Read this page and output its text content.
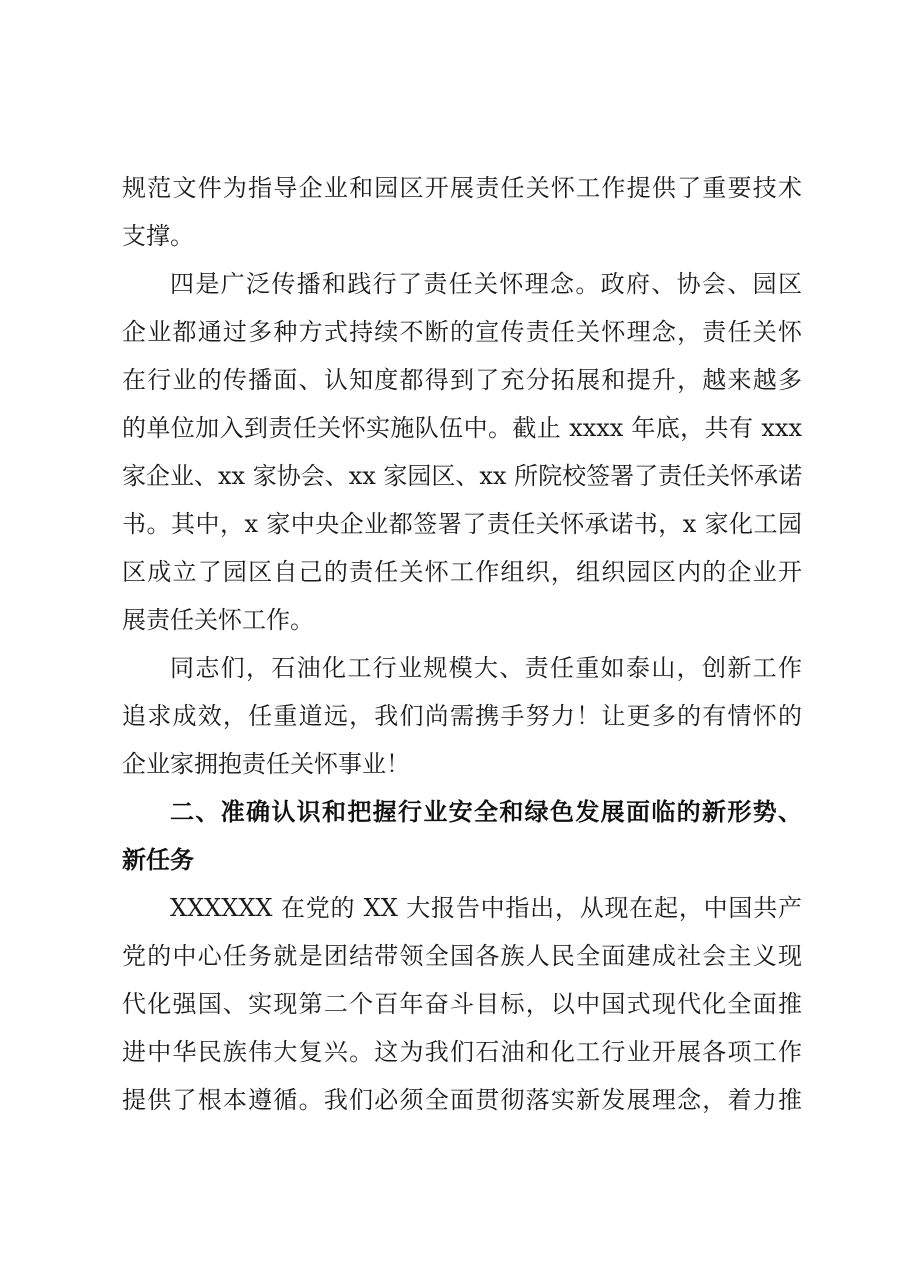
规范文件为指导企业和园区开展责任关怀工作提供了重要技术
支撑。
四是广泛传播和践行了责任关怀理念。政府、协会、园区
企业都通过多种方式持续不断的宣传责任关怀理念，责任关怀
在行业的传播面、认知度都得到了充分拓展和提升，越来越多
的单位加入到责任关怀实施队伍中。截止 xxxx 年底，共有 xxx
家企业、xx 家协会、xx 家园区、xx 所院校签署了责任关怀承诺
书。其中，x 家中央企业都签署了责任关怀承诺书，x 家化工园
区成立了园区自己的责任关怀工作组织，组织园区内的企业开
展责任关怀工作。
同志们，石油化工行业规模大、责任重如泰山，创新工作
追求成效，任重道远，我们尚需携手努力！让更多的有情怀的
企业家拥抱责任关怀事业！
二、准确认识和把握行业安全和绿色发展面临的新形势、
新任务
XXXXXX 在党的 XX 大报告中指出，从现在起，中国共产
党的中心任务就是团结带领全国各族人民全面建成社会主义现
代化强国、实现第二个百年奋斗目标，以中国式现代化全面推
进中华民族伟大复兴。这为我们石油和化工行业开展各项工作
提供了根本遵循。我们必须全面贯彻落实新发展理念，着力推
